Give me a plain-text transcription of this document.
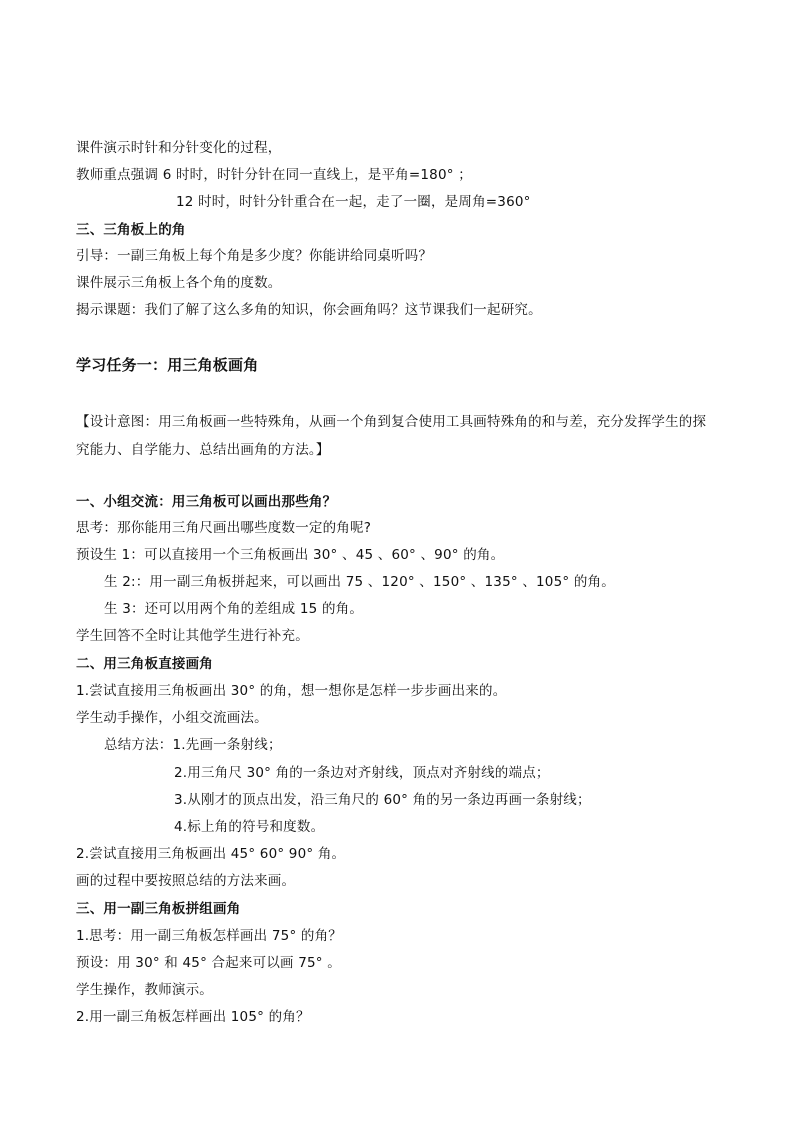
课件演示时针和分针变化的过程，
教师重点强调 6 时时，时针分针在同一直线上，是平角=180° ；
12 时时，时针分针重合在一起，走了一圈，是周角=360°
三、三角板上的角
引导：一副三角板上每个角是多少度？你能讲给同桌听吗？
课件展示三角板上各个角的度数。
揭示课题：我们了解了这么多角的知识，你会画角吗？这节课我们一起研究。
学习任务一：用三角板画角
【设计意图：用三角板画一些特殊角，从画一个角到复合使用工具画特殊角的和与差，充分发挥学生的探
究能力、自学能力、总结出画角的方法。】
一、小组交流：用三角板可以画出那些角？
思考：那你能用三角尺画出哪些度数一定的角呢?
预设生 1：可以直接用一个三角板画出 30° 、45 、60° 、90° 的角。
生 2:：用一副三角板拼起来，可以画出 75 、120° 、150° 、135° 、105° 的角。
生 3：还可以用两个角的差组成 15 的角。
学生回答不全时让其他学生进行补充。
二、用三角板直接画角
1.尝试直接用三角板画出 30° 的角，想一想你是怎样一步步画出来的。
学生动手操作，小组交流画法。
总结方法：1.先画一条射线；
2.用三角尺 30° 角的一条边对齐射线，顶点对齐射线的端点；
3.从刚才的顶点出发，沿三角尺的 60° 角的另一条边再画一条射线；
4.标上角的符号和度数。
2.尝试直接用三角板画出 45° 60° 90° 角。
画的过程中要按照总结的方法来画。
三、用一副三角板拼组画角
1.思考：用一副三角板怎样画出 75° 的角？
预设：用 30° 和 45° 合起来可以画 75° 。
学生操作，教师演示。
2.用一副三角板怎样画出 105° 的角？
